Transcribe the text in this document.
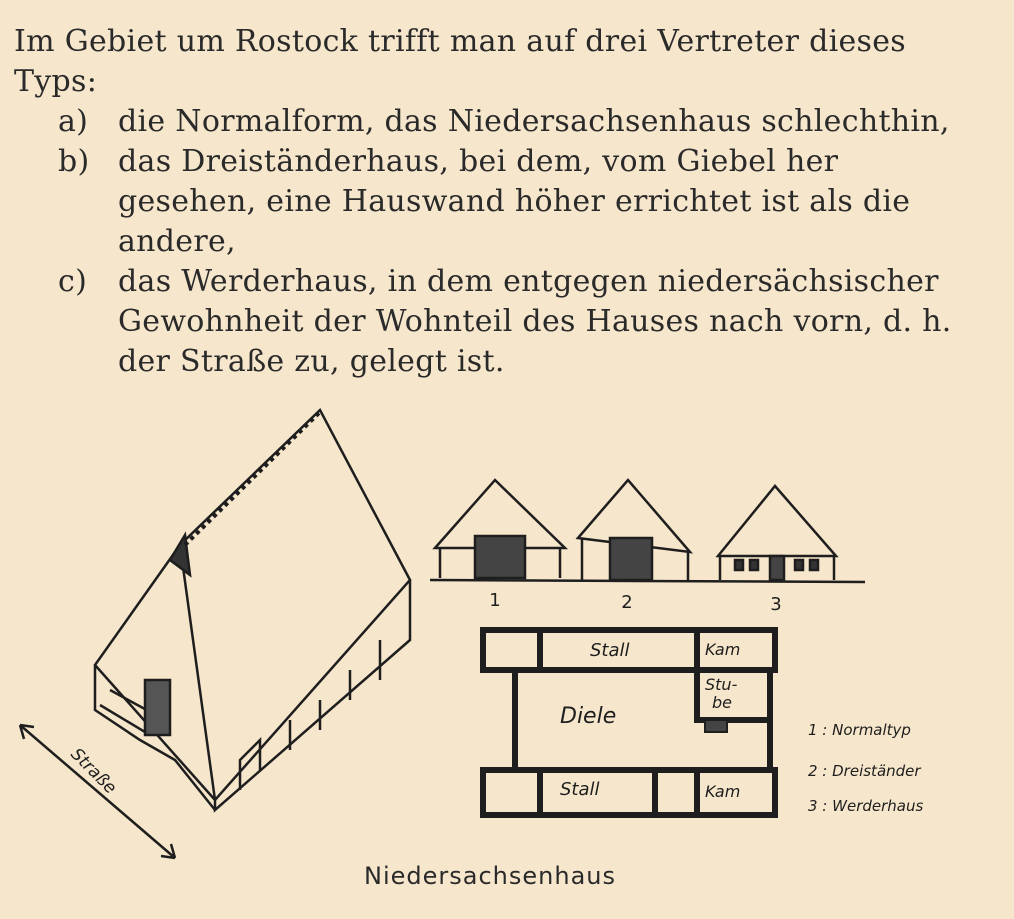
Im Gebiet um Rostock trifft man auf drei Vertreter dieses Typs:

a) die Normalform, das Niedersachsenhaus schlechthin,
b) das Dreiständerhaus, bei dem, vom Giebel her gesehen, eine Hauswand höher errichtet ist als die andere,
c) das Werderhaus, in dem entgegen niedersächsischer Gewohnheit der Wohnteil des Hauses nach vorn, d. h. der Straße zu, gelegt ist.
1	2	3
Stall	Kam
Stu-
be
Diele
Stall	Kam
1 : Normaltyp
2 : Dreiständer
3 : Werderhaus
Straße
Niedersachsenhaus
